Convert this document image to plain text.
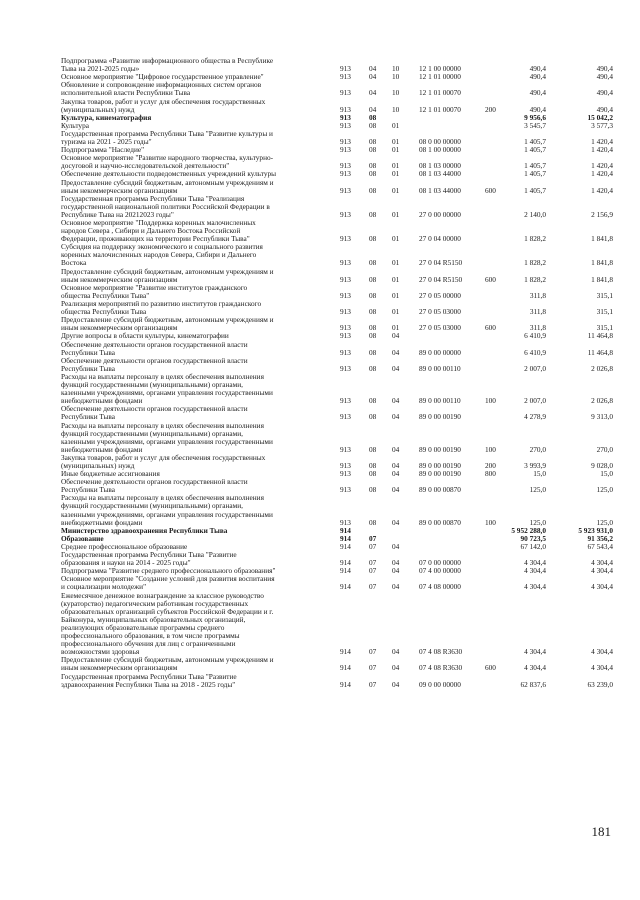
Подпрограмма «Развитие информационного общества в Республике
Тыва на 2021-2025 годы»	913 04 10	12 1 00 00000	490,4	490,4
Основное мероприятие "Цифровое государственное управление"	913 04 10	12 1 01 00000	490,4	490,4
Обновление и сопровождение информационных систем органов
исполнительной власти Республики Тыва	913 04 10	12 1 01 00070	490,4	490,4
Закупка товаров, работ и услуг для обеспечения государственных
(муниципальных) нужд	913 04 10	12 1 01 00070	200	490,4	490,4
Культура, кинематография	913 08	9 956,6	15 042,2
Культура	913 08 01	3 545,7	3 577,3
Государственная программа Республики Тыва "Развитие культуры и
туризма на 2021 - 2025 годы"	913 08 01	08 0 00 00000	1 405,7	1 420,4
Подпрограмма "Наследие"	913 08 01	08 1 00 00000	1 405,7	1 420,4
Основное мероприятие "Развитие народного творчества, культурно-
досуговой и научно-исследовательской деятельности"	913 08 01	08 1 03 00000	1 405,7	1 420,4
Обеспечение деятельности подведомственных учреждений культуры	913 08 01	08 1 03 44000	1 405,7	1 420,4
Предоставление субсидий бюджетным, автономным учреждениям и
иным некоммерческим организациям	913 08 01	08 1 03 44000	600	1 405,7	1 420,4
Государственная программа Республики Тыва "Реализация
государственной национальной политики Российской Федерации в
Республике Тыва на 20212023 годы"	913 08 01	27 0 00 00000	2 140,0	2 156,9
Основное мероприятие "Поддержка коренных малочисленных
народов Севера , Сибири и Дальнего Востока Российской
Федерации, проживающих на территории Республики Тыва"	913 08 01	27 0 04 00000	1 828,2	1 841,8
Субсидия на поддержку экономического и социального развития
коренных малочисленных народов Севера, Сибири и Дальнего
Востока	913 08 01	27 0 04 R5150	1 828,2	1 841,8
Предоставление субсидий бюджетным, автономным учреждениям и
иным некоммерческим организациям	913 08 01	27 0 04 R5150	600	1 828,2	1 841,8
Основное мероприятие "Развитие институтов гражданского
общества Республики Тыва"	913 08 01	27 0 05 00000	311,8	315,1
Реализация мероприятий по развитию институтов гражданского
общества Республики Тыва	913 08 01	27 0 05 03000	311,8	315,1
Предоставление субсидий бюджетным, автономным учреждениям и
иным некоммерческим организациям	913 08 01	27 0 05 03000	600	311,8	315,1
Другие вопросы в области культуры, кинематографии	913 08 04	6 410,9	11 464,8
Обеспечение деятельности органов государственной власти
Республики Тыва	913 08 04	89 0 00 00000	6 410,9	11 464,8
Обеспечение деятельности органов государственной власти
Республики Тыва	913 08 04	89 0 00 00110	2 007,0	2 026,8
Расходы на выплаты персоналу в целях обеспечения выполнения
функций государственными (муниципальными) органами,
казенными учреждениями, органами управления государственными
внебюджетными фондами	913 08 04	89 0 00 00110	100	2 007,0	2 026,8
Обеспечение деятельности органов государственной власти
Республики Тыва	913 08 04	89 0 00 00190	4 278,9	9 313,0
Расходы на выплаты персоналу в целях обеспечения выполнения
функций государственными (муниципальными) органами,
казенными учреждениями, органами управления государственными
внебюджетными фондами	913 08 04	89 0 00 00190	100	270,0	270,0
Закупка товаров, работ и услуг для обеспечения государственных
(муниципальных) нужд	913 08 04	89 0 00 00190	200	3 993,9	9 028,0
Иные бюджетные ассигнования	913 08 04	89 0 00 00190	800	15,0	15,0
Обеспечение деятельности органов государственной власти
Республики Тыва	913 08 04	89 0 00 00870	125,0	125,0
Расходы на выплаты персоналу в целях обеспечения выполнения
функций государственными (муниципальными) органами,
казенными учреждениями, органами управления государственными
внебюджетными фондами	913 08 04	89 0 00 00870	100	125,0	125,0
Министерство здравоохранения Республики Тыва	914	5 952 288,0	5 923 931,0
Образование	914 07	90 723,5	91 356,2
Среднее профессиональное образование	914 07 04	67 142,0	67 543,4
Государственная программа Республики Тыва "Развитие
образования и науки на 2014 - 2025 годы"	914 07 04	07 0 00 00000	4 304,4	4 304,4
Подпрограмма "Развитие среднего профессионального образования"	914 07 04	07 4 00 00000	4 304,4	4 304,4
Основное мероприятие "Создание условий для развития воспитания
и социализации молодежи"	914 07 04	07 4 08 00000	4 304,4	4 304,4
Ежемесячное денежное вознаграждение за классное руководство
(кураторство) педагогическим работникам государственных
образовательных организаций субъектов Российской Федерации и г.
Байконура, муниципальных образовательных организаций,
реализующих образовательные программы среднего
профессионального образования, в том числе программы
профессионального обучения для лиц с ограниченными
возможностями здоровья	914 07 04	07 4 08 R3630	4 304,4	4 304,4
Предоставление субсидий бюджетным, автономным учреждениям и
иным некоммерческим организациям	914 07 04	07 4 08 R3630	600	4 304,4	4 304,4
Государственная программа Республики Тыва "Развитие
здравоохранения Республики Тыва на 2018 - 2025 годы"	914 07 04	09 0 00 00000	62 837,6	63 239,0
181
